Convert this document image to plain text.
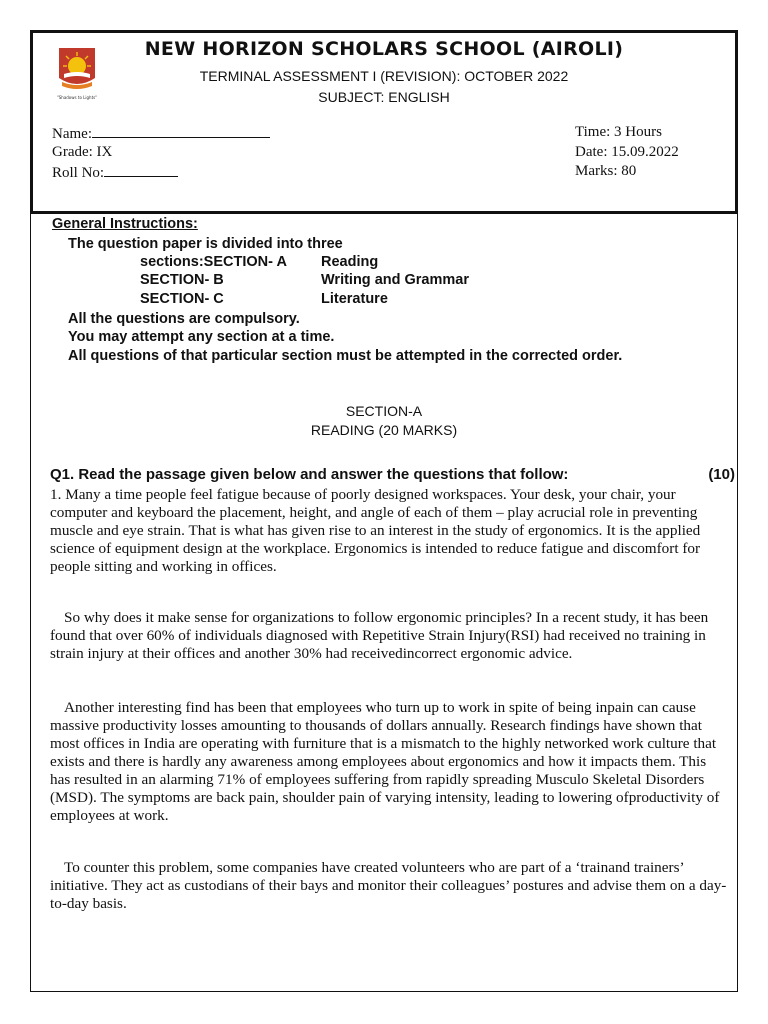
"Shadows to Lights"
NEW HORIZON SCHOLARS SCHOOL (AIROLI)
TERMINAL ASSESSMENT I (REVISION): OCTOBER 2022
SUBJECT: ENGLISH
Name:
Grade: IX
Roll No:
Time: 3 Hours
Date: 15.09.2022
Marks: 80
General Instructions:
The question paper is divided into three
sections:SECTION- A Reading
SECTION- B	Writing and Grammar
SECTION- C	Literature
All the questions are compulsory.
You may attempt any section at a time.
All questions of that particular section must be attempted in the corrected order.
SECTION-A
READING (20 MARKS)
Q1. Read the passage given below and answer the questions that follow:	(10)
1. Many a time people feel fatigue because of poorly designed workspaces. Your desk, your chair, your computer and keyboard the placement, height, and angle of each of them – play acrucial role in preventing muscle and eye strain. That is what has given rise to an interest in the study of ergonomics. It is the applied science of equipment design at the workplace. Ergonomics is intended to reduce fatigue and discomfort for people sitting and working in offices.
So why does it make sense for organizations to follow ergonomic principles? In a recent study, it has been found that over 60% of individuals diagnosed with Repetitive Strain Injury(RSI) had received no training in strain injury at their offices and another 30% had receivedincorrect ergonomic advice.
Another interesting find has been that employees who turn up to work in spite of being inpain can cause massive productivity losses amounting to thousands of dollars annually. Research findings have shown that most offices in India are operating with furniture that is a mismatch to the highly networked work culture that exists and there is hardly any awareness among employees about ergonomics and how it impacts them. This has resulted in an alarming 71% of employees suffering from rapidly spreading Musculo Skeletal Disorders (MSD). The symptoms are back pain, shoulder pain of varying intensity, leading to lowering ofproductivity of employees at work.
To counter this problem, some companies have created volunteers who are part of a ‘trainand trainers’ initiative. They act as custodians of their bays and monitor their colleagues’ postures and advise them on a day-to-day basis.
